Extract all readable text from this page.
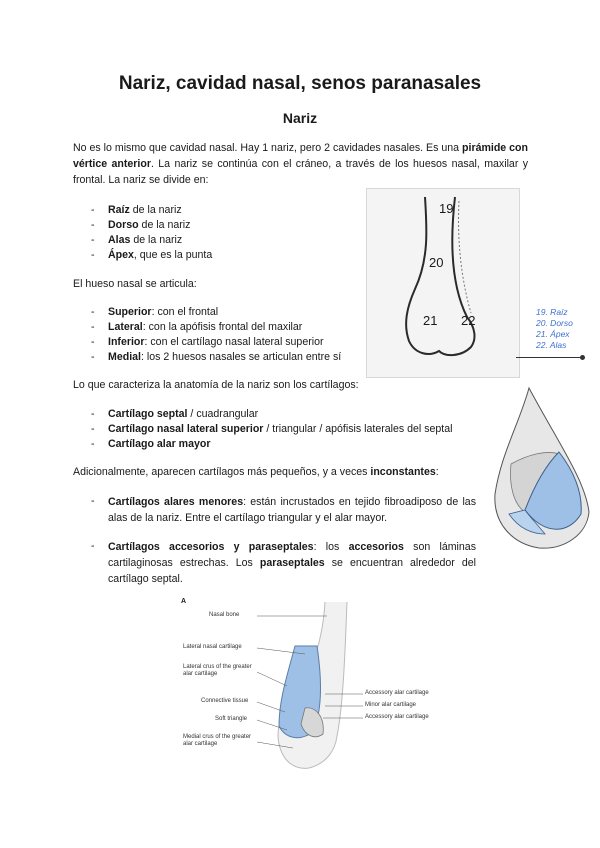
Nariz, cavidad nasal, senos paranasales
Nariz
No es lo mismo que cavidad nasal. Hay 1 nariz, pero 2 cavidades nasales. Es una pirámide con vértice anterior. La nariz se continúa con el cráneo, a través de los huesos nasal, maxilar y frontal. La nariz se divide en:
- Raíz de la nariz
- Dorso de la nariz
- Alas de la nariz
- Ápex, que es la punta
El hueso nasal se articula:
- Superior: con el frontal
- Lateral: con la apófisis frontal del maxilar
- Inferior: con el cartílago nasal lateral superior
- Medial: los 2 huesos nasales se articulan entre sí
Lo que caracteriza la anatomía de la nariz son los cartílagos:
- Cartílago septal / cuadrangular
- Cartílago nasal lateral superior / triangular / apófisis laterales del septal
- Cartílago alar mayor
Adicionalmente, aparecen cartílagos más pequeños, y a veces inconstantes:
- Cartílagos alares menores: están incrustados en tejido fibroadiposo de las alas de la nariz. Entre el cartílago triangular y el alar mayor.
- Cartílagos accesorios y paraseptales: los accesorios son láminas cartilaginosas estrechas. Los paraseptales se encuentran alrededor del cartílago septal.
19
20
21 22
19. Raíz
20. Dorso
21. Ápex
22. Alas
A
Nasal bone
Lateral nasal cartilage
Lateral crus of the greater alar cartilage
Connective tissue
Soft triangle
Medial crus of the greater alar cartilage
Accessory alar cartilage
Minor alar cartilage
Accessory alar cartilage
